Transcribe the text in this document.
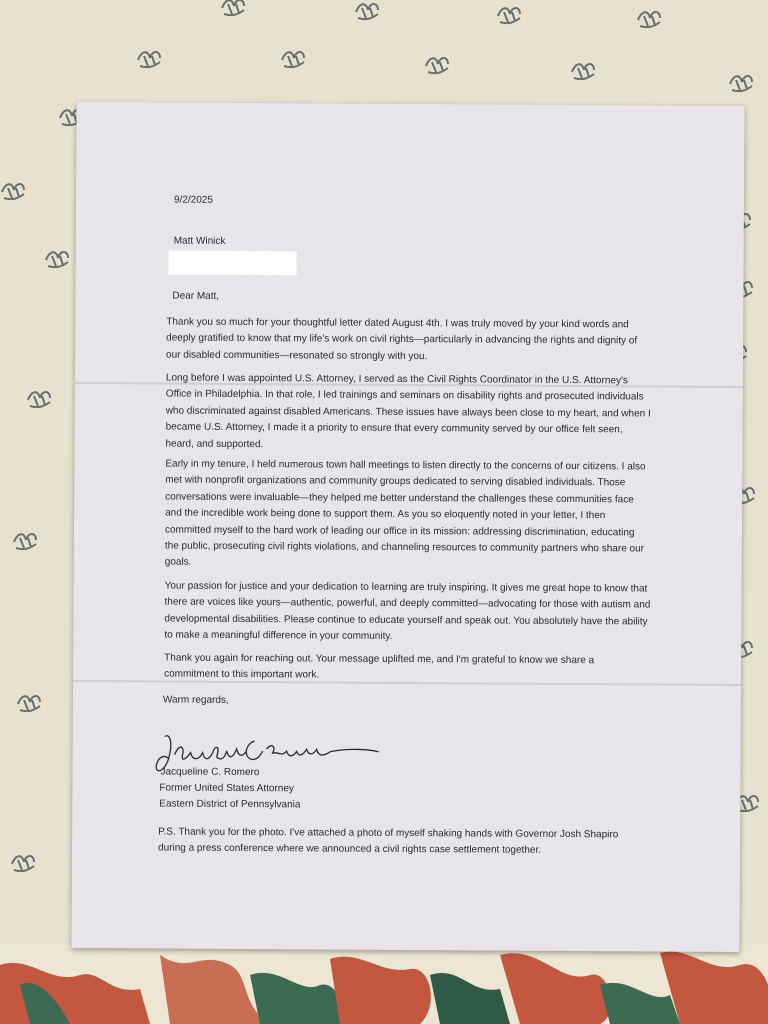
9/2/2025

Matt Winick

Dear Matt,

Thank you so much for your thoughtful letter dated August 4th. I was truly moved by your kind words and deeply gratified to know that my life's work on civil rights—particularly in advancing the rights and dignity of our disabled communities—resonated so strongly with you.

Long before I was appointed U.S. Attorney, I served as the Civil Rights Coordinator in the U.S. Attorney's Office in Philadelphia. In that role, I led trainings and seminars on disability rights and prosecuted individuals who discriminated against disabled Americans. These issues have always been close to my heart, and when I became U.S. Attorney, I made it a priority to ensure that every community served by our office felt seen, heard, and supported.

Early in my tenure, I held numerous town hall meetings to listen directly to the concerns of our citizens. I also met with nonprofit organizations and community groups dedicated to serving disabled individuals. Those conversations were invaluable—they helped me better understand the challenges these communities face and the incredible work being done to support them. As you so eloquently noted in your letter, I then committed myself to the hard work of leading our office in its mission: addressing discrimination, educating the public, prosecuting civil rights violations, and channeling resources to community partners who share our goals.

Your passion for justice and your dedication to learning are truly inspiring. It gives me great hope to know that there are voices like yours—authentic, powerful, and deeply committed—advocating for those with autism and developmental disabilities. Please continue to educate yourself and speak out. You absolutely have the ability to make a meaningful difference in your community.

Thank you again for reaching out. Your message uplifted me, and I'm grateful to know we share a commitment to this important work.

Warm regards,

Jacqueline C. Romero

Former United States Attorney

Eastern District of Pennsylvania

P.S. Thank you for the photo. I've attached a photo of myself shaking hands with Governor Josh Shapiro during a press conference where we announced a civil rights case settlement together.
